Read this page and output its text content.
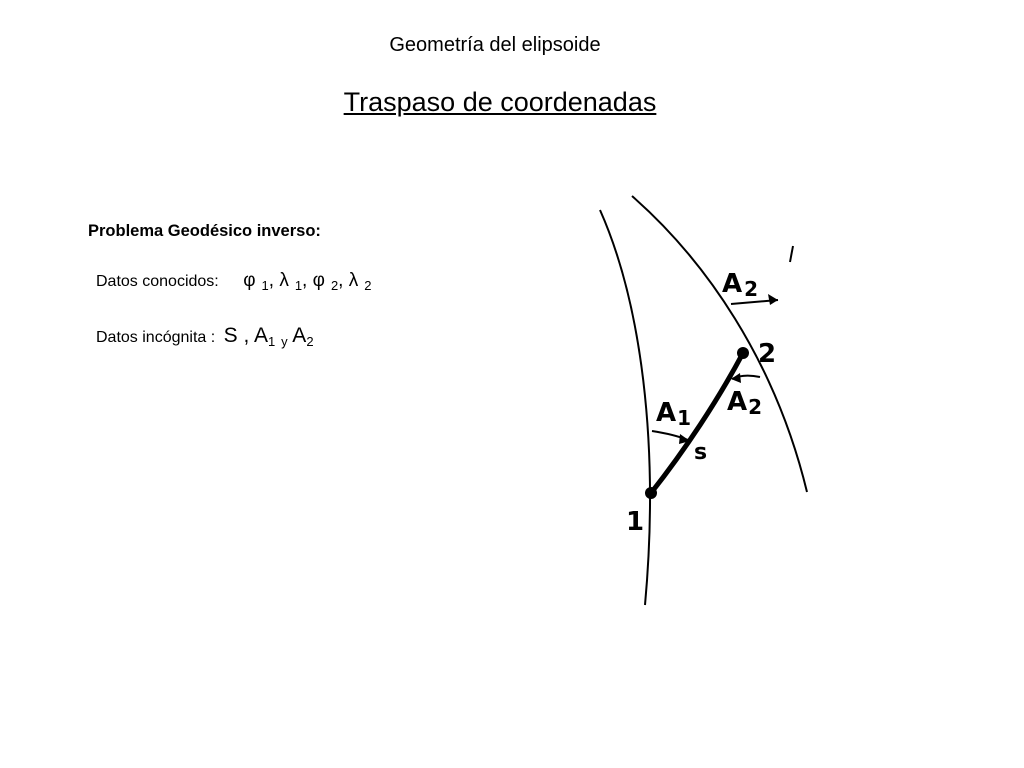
Geometría del elipsoide
Traspaso de coordenadas
Problema Geodésico inverso:
Datos conocidos: φ $_1$, λ $_1$, φ $_2$, λ $_2$
Datos incógnita : S , $A_1$ $_y$ $A_2$
A 2
2
A2
A1
s
1
